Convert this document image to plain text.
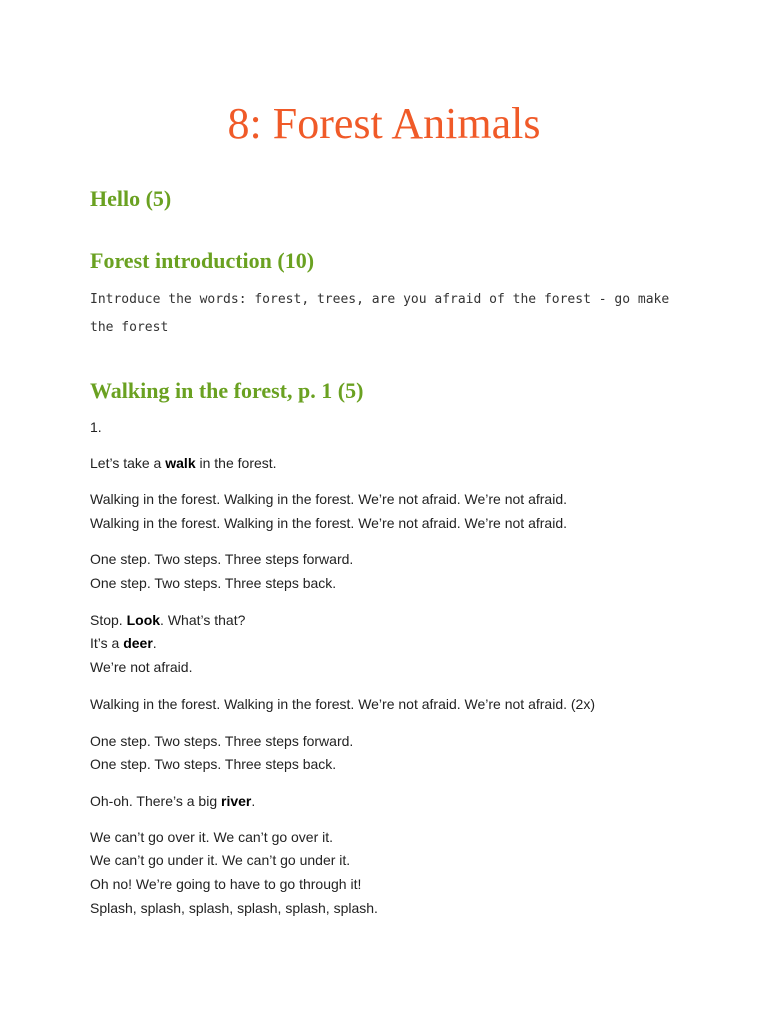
8: Forest Animals
Hello (5)
Forest introduction (10)

Introduce the words: forest, trees, are you afraid of the forest - go make the forest

Walking in the forest, p. 1 (5)

1.

Let’s take a walk in the forest.

Walking in the forest. Walking in the forest. We’re not afraid. We’re not afraid.

Walking in the forest. Walking in the forest. We’re not afraid. We’re not afraid.

One step. Two steps. Three steps forward.

One step. Two steps. Three steps back.

Stop. Look. What’s that?

It’s a deer.

We’re not afraid.

Walking in the forest. Walking in the forest. We’re not afraid. We’re not afraid. (2x)

One step. Two steps. Three steps forward.

One step. Two steps. Three steps back.

Oh-oh. There’s a big river.

We can’t go over it. We can’t go over it.

We can’t go under it. We can’t go under it.

Oh no! We’re going to have to go through it!

Splash, splash, splash, splash, splash, splash.
